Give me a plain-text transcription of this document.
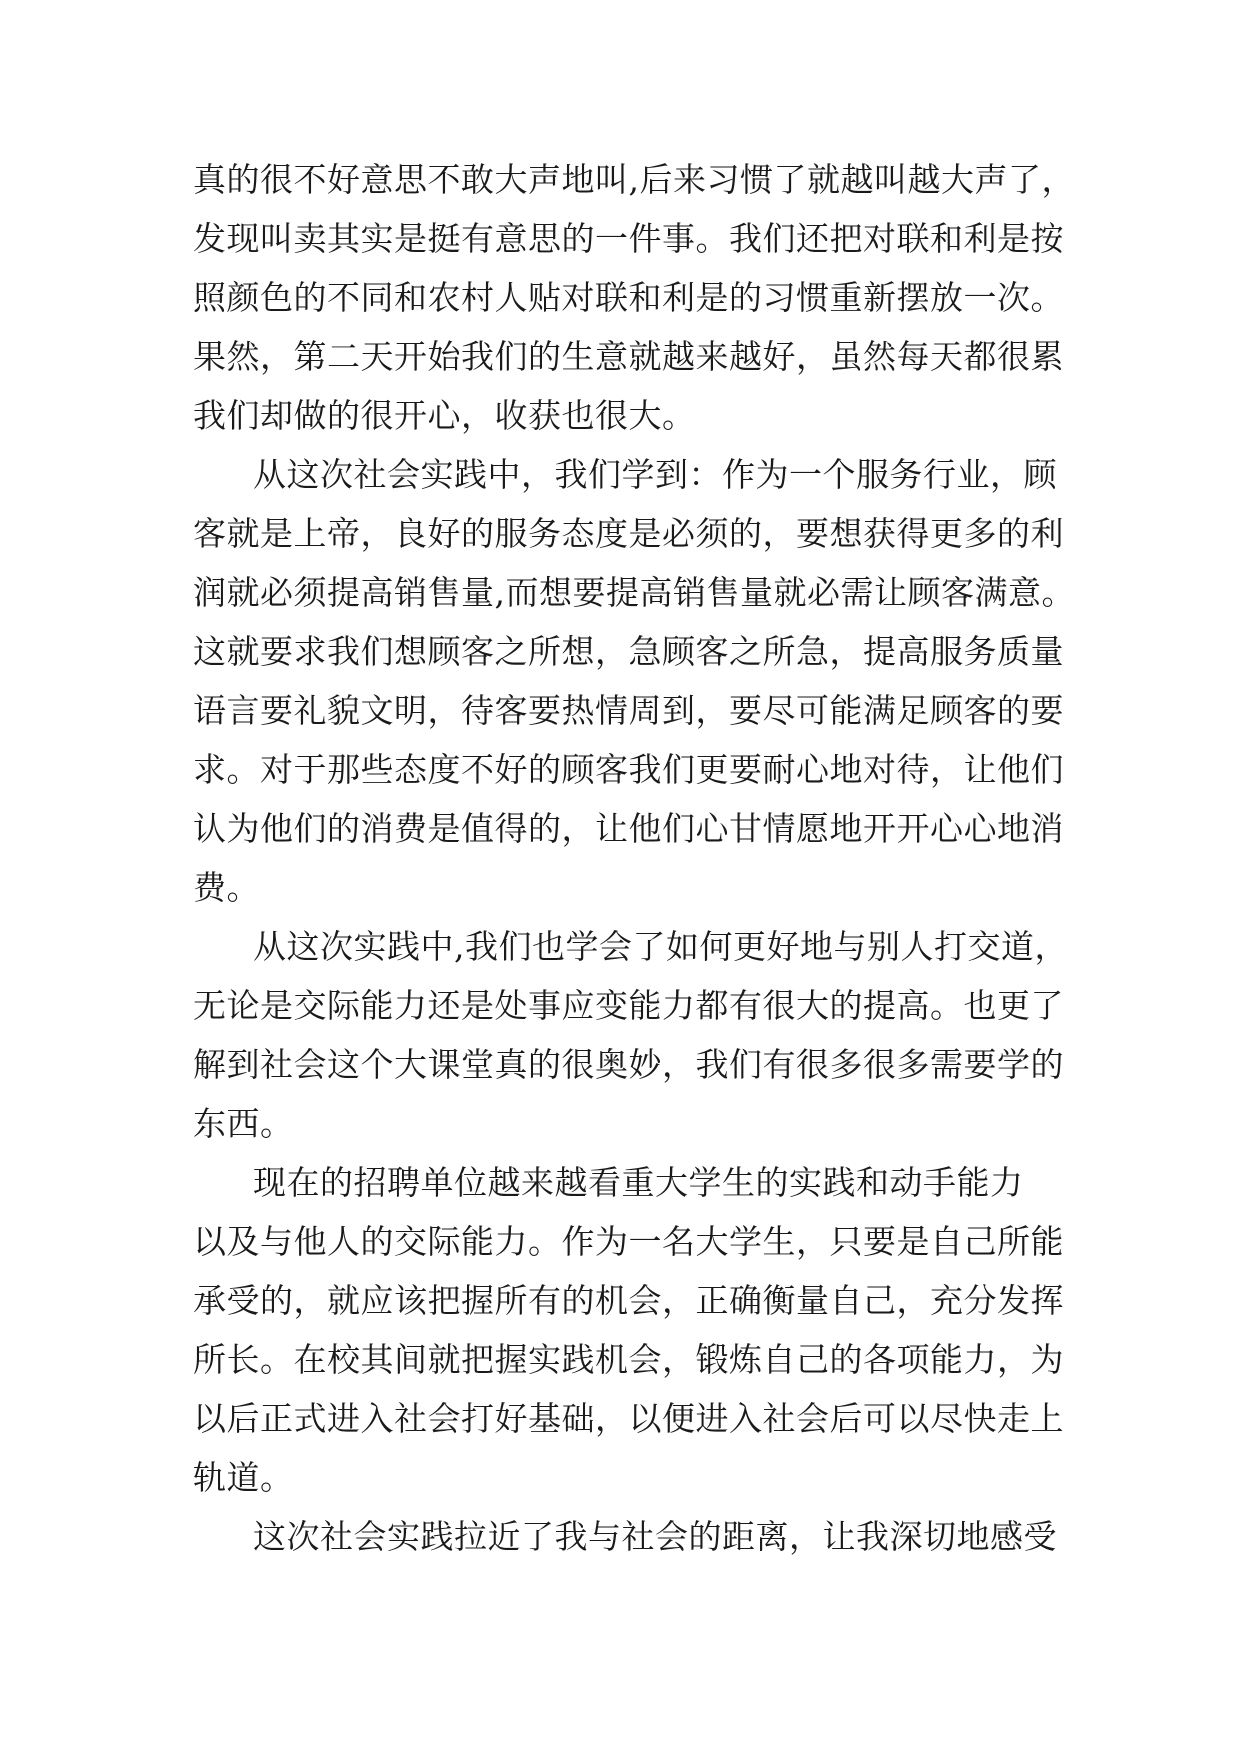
真的很不好意思不敢大声地叫,后来习惯了就越叫越大声了，
发现叫卖其实是挺有意思的一件事。我们还把对联和利是按
照颜色的不同和农村人贴对联和利是的习惯重新摆放一次。
果然，第二天开始我们的生意就越来越好，虽然每天都很累
我们却做的很开心，收获也很大。
从这次社会实践中，我们学到：作为一个服务行业，顾
客就是上帝，良好的服务态度是必须的，要想获得更多的利
润就必须提高销售量,而想要提高销售量就必需让顾客满意。
这就要求我们想顾客之所想，急顾客之所急，提高服务质量
语言要礼貌文明，待客要热情周到，要尽可能满足顾客的要
求。对于那些态度不好的顾客我们更要耐心地对待，让他们
认为他们的消费是值得的，让他们心甘情愿地开开心心地消
费。
从这次实践中,我们也学会了如何更好地与别人打交道，
无论是交际能力还是处事应变能力都有很大的提高。也更了
解到社会这个大课堂真的很奥妙，我们有很多很多需要学的
东西。
现在的招聘单位越来越看重大学生的实践和动手能力
以及与他人的交际能力。作为一名大学生，只要是自己所能
承受的，就应该把握所有的机会，正确衡量自己，充分发挥
所长。在校其间就把握实践机会，锻炼自己的各项能力，为
以后正式进入社会打好基础，以便进入社会后可以尽快走上
轨道。
这次社会实践拉近了我与社会的距离，让我深切地感受
